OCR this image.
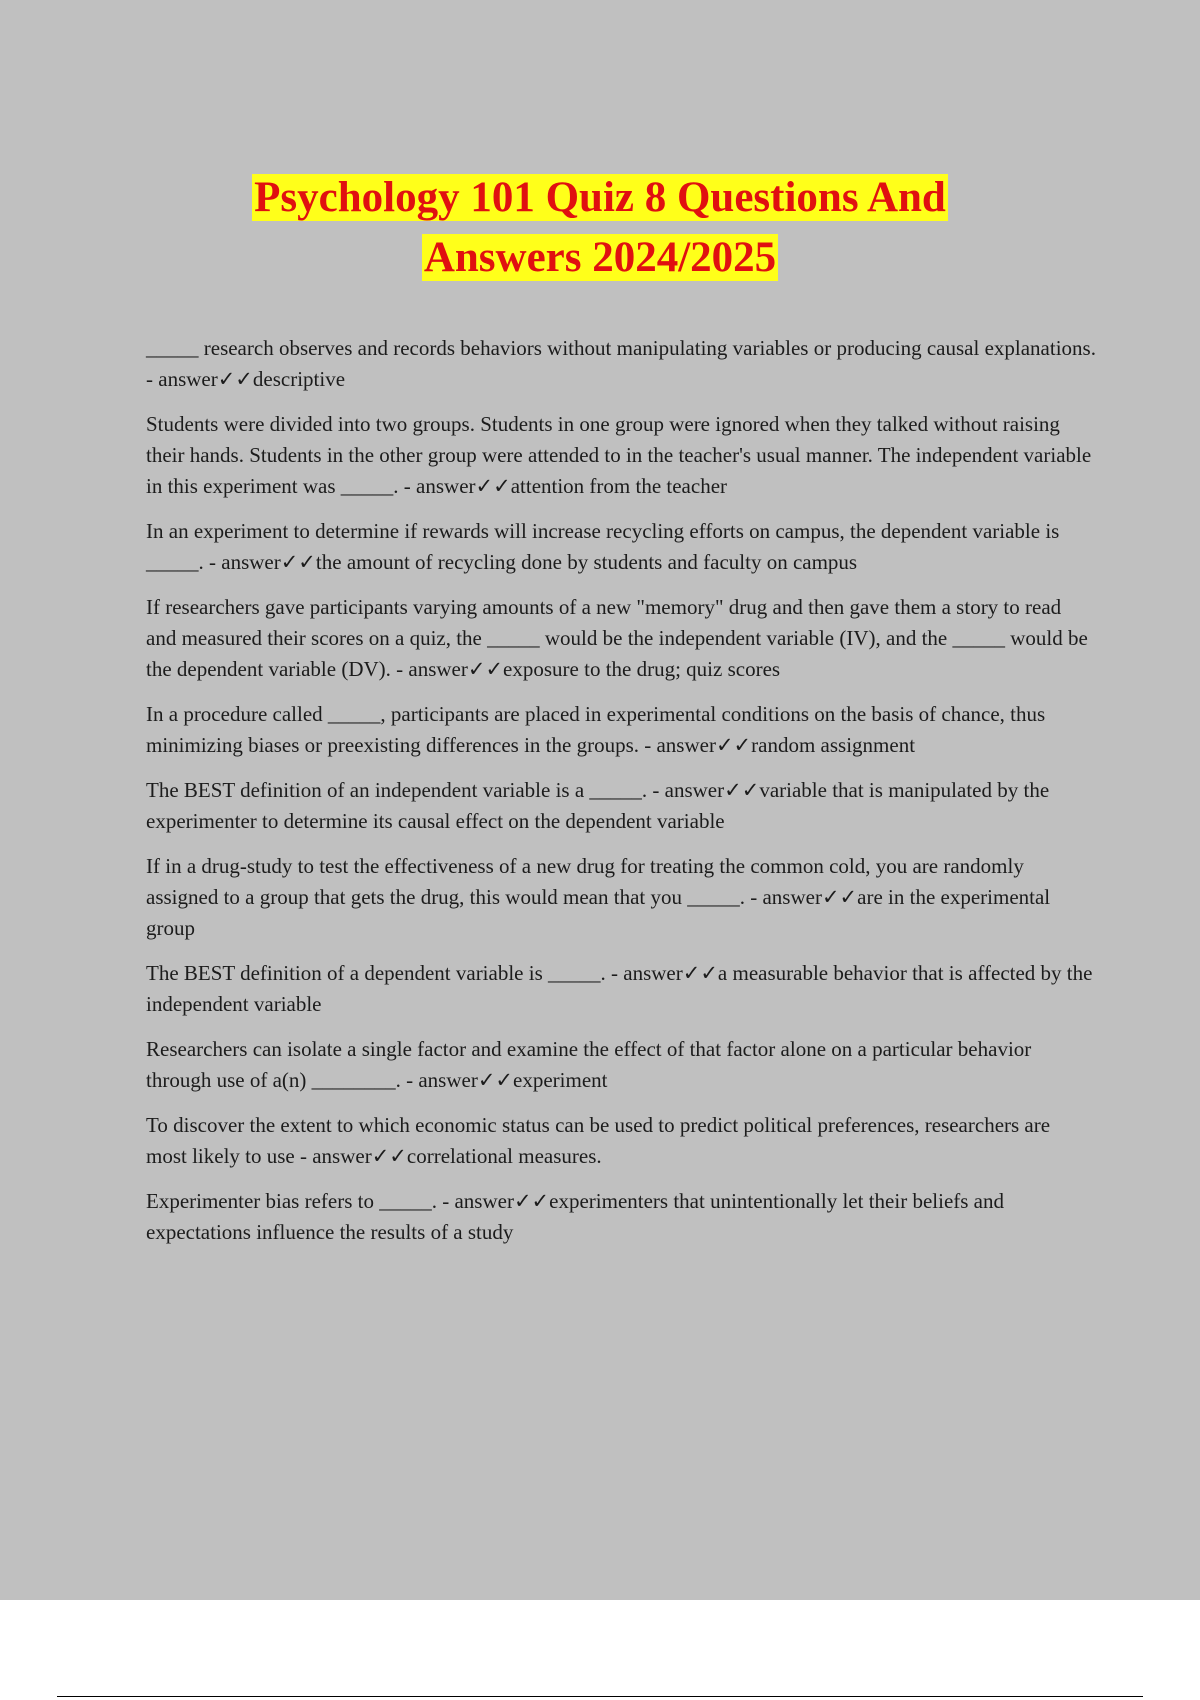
Psychology 101 Quiz 8 Questions And
Answers 2024/2025

_____ research observes and records behaviors without manipulating variables or producing causal explanations. - answer✓✓descriptive

Students were divided into two groups. Students in one group were ignored when they talked without raising their hands. Students in the other group were attended to in the teacher's usual manner. The independent variable in this experiment was _____. - answer✓✓attention from the teacher

In an experiment to determine if rewards will increase recycling efforts on campus, the dependent variable is _____. - answer✓✓the amount of recycling done by students and faculty on campus

If researchers gave participants varying amounts of a new "memory" drug and then gave them a story to read and measured their scores on a quiz, the _____ would be the independent variable (IV), and the _____ would be the dependent variable (DV). - answer✓✓exposure to the drug; quiz scores

In a procedure called _____, participants are placed in experimental conditions on the basis of chance, thus minimizing biases or preexisting differences in the groups. - answer✓✓random assignment

The BEST definition of an independent variable is a _____. - answer✓✓variable that is manipulated by the experimenter to determine its causal effect on the dependent variable

If in a drug-study to test the effectiveness of a new drug for treating the common cold, you are randomly assigned to a group that gets the drug, this would mean that you _____. - answer✓✓are in the experimental group

The BEST definition of a dependent variable is _____. - answer✓✓a measurable behavior that is affected by the independent variable

Researchers can isolate a single factor and examine the effect of that factor alone on a particular behavior through use of a(n) ________. - answer✓✓experiment

To discover the extent to which economic status can be used to predict political preferences, researchers are most likely to use - answer✓✓correlational measures.

Experimenter bias refers to _____. - answer✓✓experimenters that unintentionally let their beliefs and expectations influence the results of a study
